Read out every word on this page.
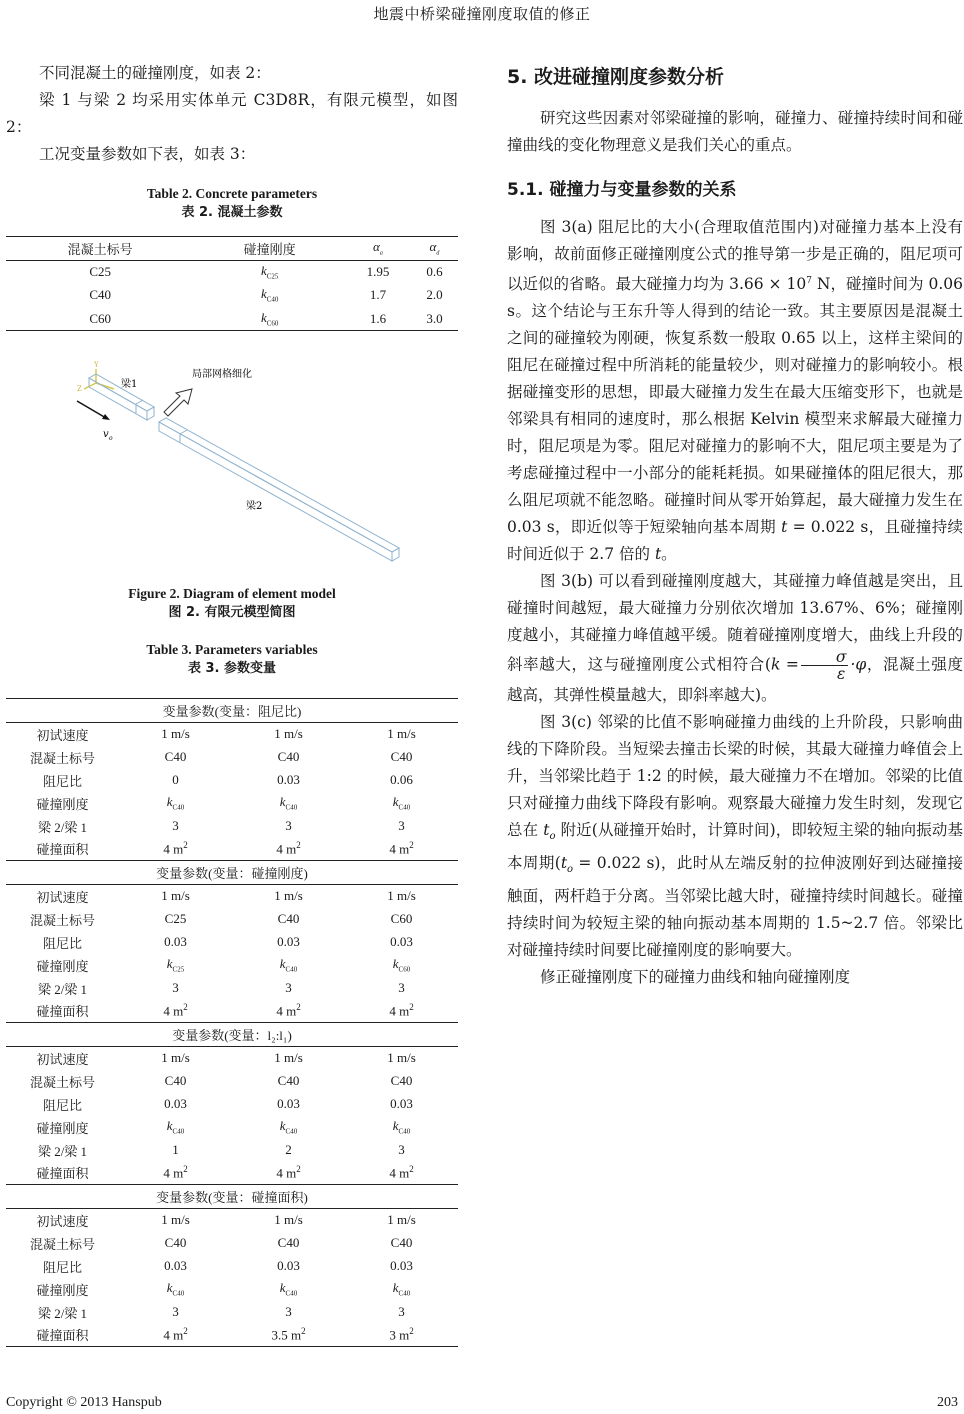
地震中桥梁碰撞刚度取值的修正

不同混凝土的碰撞刚度，如表 2：

梁 1 与梁 2 均采用实体单元 C3D8R，有限元模型，如图 2：

工况变量参数如下表，如表 3：

Table 2. Concrete parameters
表 2. 混凝土参数
混凝土标号	碰撞刚度	$\alpha_a$	$\alpha_d$
C25	$k_{C25}$	1.95	0.6
C40	$k_{C40}$	1.7	2.0
C60	$k_{C60}$	1.6	3.0
Y
Z
v o
局部网格细化
梁1
梁2
Figure 2. Diagram of element model
图 2. 有限元模型简图
Table 3. Parameters variables
表 3. 参数变量
变量参数(变量：阻尼比)			
初试速度	1 m/s	1 m/s	1 m/s
混凝土标号	C40	C40	C40
阻尼比	0	0.03	0.06
碰撞刚度	$k_{C40}$	$k_{C40}$	$k_{C40}$
梁 2/梁 1	3	3	3
碰撞面积	4 $m^2$	4 $m^2$	4 $m^2$
变量参数(变量：碰撞刚度)			
初试速度	1 m/s	1 m/s	1 m/s
混凝土标号	C25	C40	C60
阻尼比	0.03	0.03	0.03
碰撞刚度	$k_{C25}$	$k_{C40}$	$k_{C60}$
梁 2/梁 1	3	3	3
碰撞面积	4 $m^2$	4 $m^2$	4 $m^2$
变量参数(变量：l₂:l₁)			
初试速度	1 m/s	1 m/s	1 m/s
混凝土标号	C40	C40	C40
阻尼比	0.03	0.03	0.03
碰撞刚度	$k_{C40}$	$k_{C40}$	$k_{C40}$
梁 2/梁 1	1	2	3
碰撞面积	4 $m^2$	4 $m^2$	4 $m^2$
变量参数(变量：碰撞面积)			
初试速度	1 m/s	1 m/s	1 m/s
混凝土标号	C40	C40	C40
阻尼比	0.03	0.03	0.03
碰撞刚度	$k_{C40}$	$k_{C40}$	$k_{C40}$
梁 2/梁 1	3	3	3
碰撞面积	4 $m^2$	3.5 $m^2$	3 $m^2$
5. 改进碰撞刚度参数分析

研究这些因素对邻梁碰撞的影响，碰撞力、碰撞持续时间和碰撞曲线的变化物理意义是我们关心的重点。

5.1. 碰撞力与变量参数的关系

图 3(a) 阻尼比的大小(合理取值范围内)对碰撞力基本上没有影响，故前面修正碰撞刚度公式的推导第一步是正确的，阻尼项可以近似的省略。最大碰撞力均为 $3.66 \times 10^7$ N，碰撞时间为 0.06 s。这个结论与王东升等人得到的结论一致。其主要原因是混凝土之间的碰撞较为刚硬，恢复系数一般取 0.65 以上，这样主梁间的阻尼在碰撞过程中所消耗的能量较少，则对碰撞力的影响较小。根据碰撞变形的思想，即最大碰撞力发生在最大压缩变形下，也就是邻梁具有相同的速度时，那么根据 Kelvin 模型来求解最大碰撞力时，阻尼项是为零。阻尼对碰撞力的影响不大，阻尼项主要是为了考虑碰撞过程中一小部分的能耗耗损。如果碰撞体的阻尼很大，那么阻尼项就不能忽略。碰撞时间从零开始算起，最大碰撞力发生在 0.03 s，即近似等于短梁轴向基本周期 t = 0.022 s，且碰撞持续时间近似于 2.7 倍的 t。

图 3(b) 可以看到碰撞刚度越大，其碰撞力峰值越是突出，且碰撞时间越短，最大碰撞力分别依次增加 13.67%、6%；碰撞刚度越小，其碰撞力峰值越平缓。随着碰撞刚度增大，曲线上升段的斜率越大，这与碰撞刚度公式相符合($k = \frac{\sigma}{\varepsilon} \cdot\varphi$，混凝土强度越高，其弹性模量越大，即斜率越大)。

图 3(c) 邻梁的比值不影响碰撞力曲线的上升阶段，只影响曲线的下降阶段。当短梁去撞击长梁的时候，其最大碰撞力峰值会上升，当邻梁比趋于 1:2 的时候，最大碰撞力不在增加。邻梁的比值只对碰撞力曲线下降段有影响。观察最大碰撞力发生时刻，发现它总在 $t_o$ 附近(从碰撞开始时，计算时间)，即较短主梁的轴向振动基本周期($t_o = 0.022$ s)，此时从左端反射的拉伸波刚好到达碰撞接触面，两杆趋于分离。当邻梁比越大时，碰撞持续时间越长。碰撞持续时间为较短主梁的轴向振动基本周期的 1.5~2.7 倍。邻梁比对碰撞持续时间要比碰撞刚度的影响要大。

修正碰撞刚度下的碰撞力曲线和轴向碰撞刚度

Copyright © 2013 Hanspub	203
